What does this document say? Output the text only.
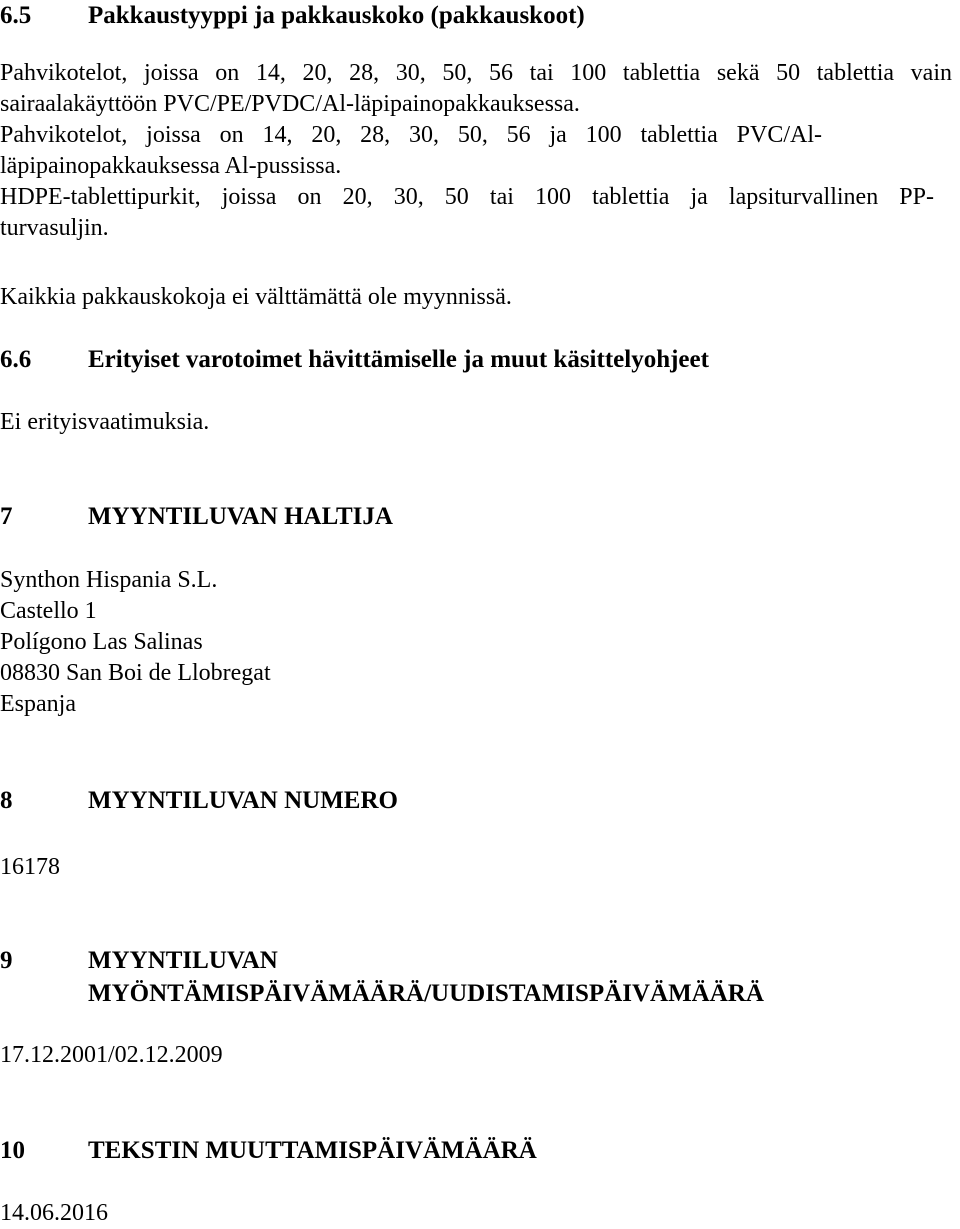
6.5 Pakkaustyyppi ja pakkauskoko (pakkauskoot)
Pahvikotelot, joissa on 14, 20, 28, 30, 50, 56 tai 100 tablettia sekä 50 tablettia vain
sairaalakäyttöön PVC/PE/PVDC/Al-läpipainopakkauksessa.
Pahvikotelot, joissa on 14, 20, 28, 30, 50, 56 ja 100 tablettia PVC/Al-
läpipainopakkauksessa Al-pussissa.
HDPE-tablettipurkit, joissa on 20, 30, 50 tai 100 tablettia ja lapsiturvallinen PP-
turvasuljin.
Kaikkia pakkauskokoja ei välttämättä ole myynnissä.
6.6 Erityiset varotoimet hävittämiselle ja muut käsittelyohjeet
Ei erityisvaatimuksia.
7	MYYNTILUVAN HALTIJA
Synthon Hispania S.L.
Castello 1
Polígono Las Salinas
08830 San Boi de Llobregat
Espanja
8	MYYNTILUVAN NUMERO
16178
9	MYYNTILUVAN
MYÖNTÄMISPÄIVÄMÄÄRÄ/UUDISTAMISPÄIVÄMÄÄRÄ
17.12.2001/02.12.2009
10	TEKSTIN MUUTTAMISPÄIVÄMÄÄRÄ
14.06.2016
